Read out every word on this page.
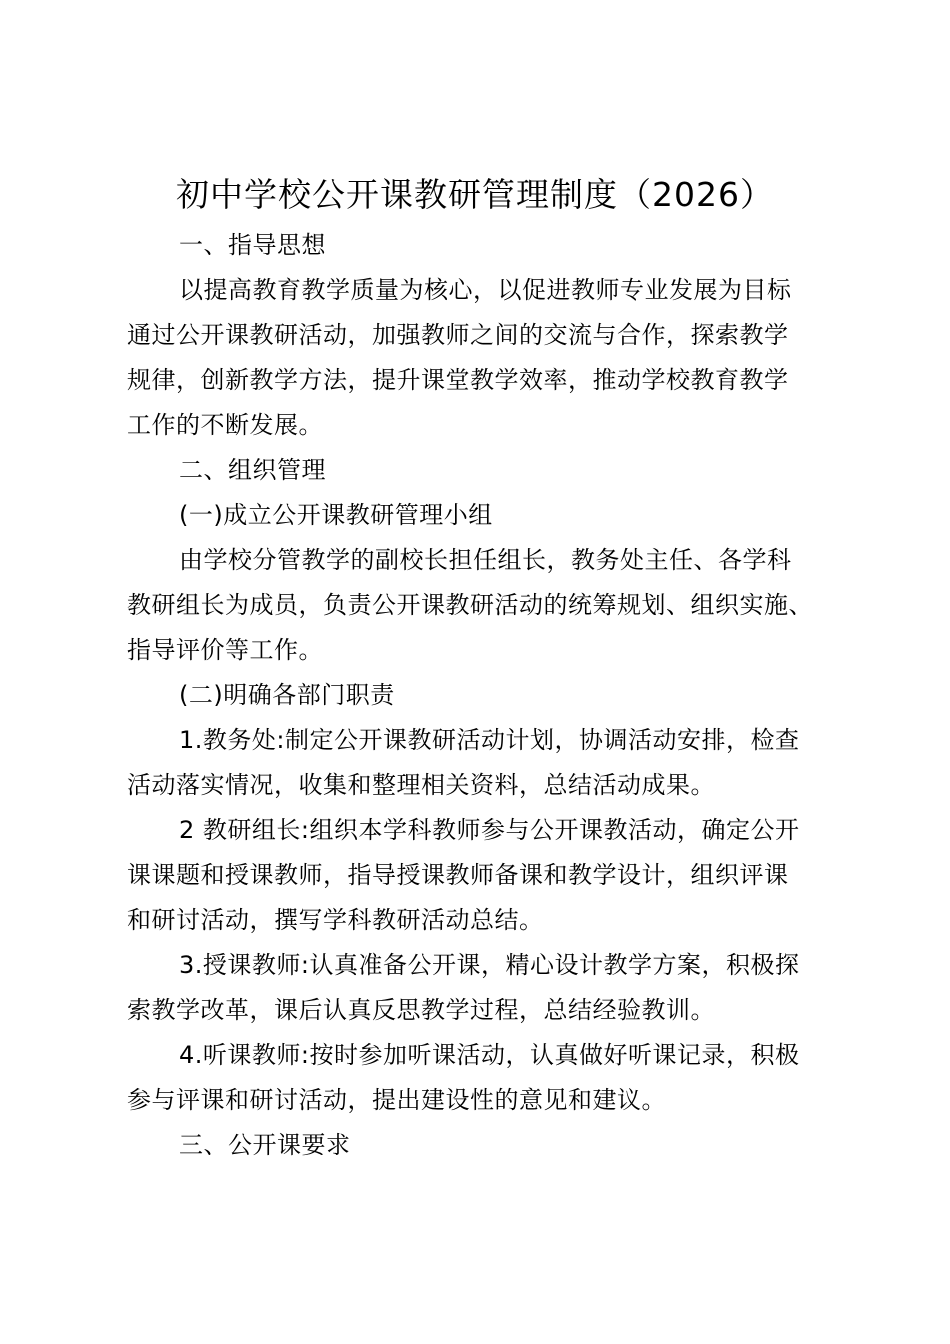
初中学校公开课教研管理制度（2026）
一、指导思想
以提高教育教学质量为核心，以促进教师专业发展为目标
通过公开课教研活动，加强教师之间的交流与合作，探索教学
规律，创新教学方法，提升课堂教学效率，推动学校教育教学
工作的不断发展。
二、组织管理
(一)成立公开课教研管理小组
由学校分管教学的副校长担任组长，教务处主任、各学科
教研组长为成员，负责公开课教研活动的统筹规划、组织实施、
指导评价等工作。
(二)明确各部门职责
1.教务处:制定公开课教研活动计划，协调活动安排，检查
活动落实情况，收集和整理相关资料，总结活动成果。
2 教研组长:组织本学科教师参与公开课教活动，确定公开
课课题和授课教师，指导授课教师备课和教学设计，组织评课
和研讨活动，撰写学科教研活动总结。
3.授课教师:认真准备公开课，精心设计教学方案，积极探
索教学改革，课后认真反思教学过程，总结经验教训。
4.听课教师:按时参加听课活动，认真做好听课记录，积极
参与评课和研讨活动，提出建设性的意见和建议。
三、公开课要求
